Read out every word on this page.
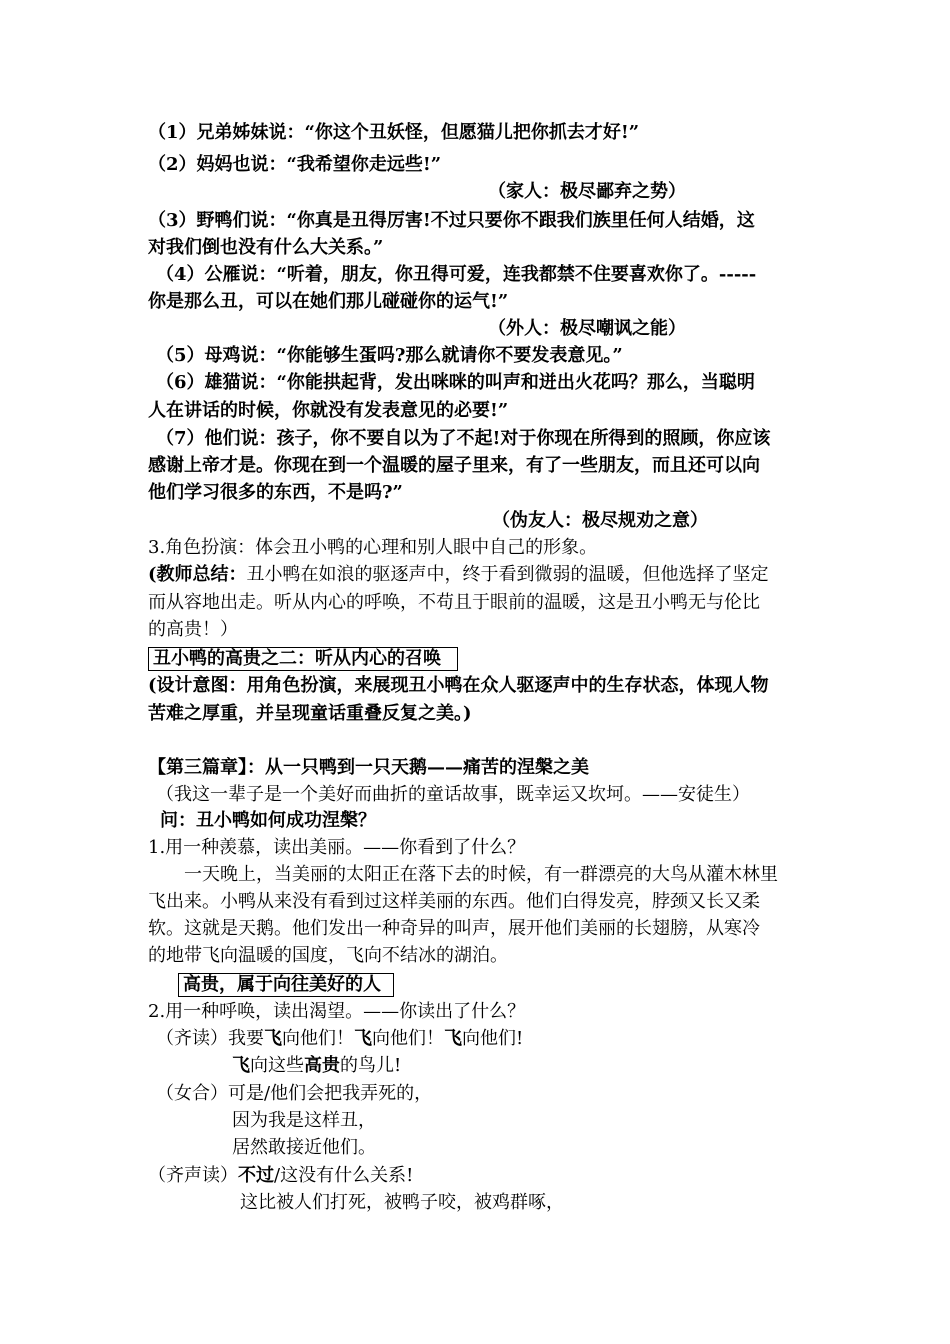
（1）兄弟姊妹说：“你这个丑妖怪，但愿猫儿把你抓去才好!”
（2）妈妈也说：“我希望你走远些!”
（家人：极尽鄙弃之势）
（3）野鸭们说：“你真是丑得厉害!不过只要你不跟我们族里任何人结婚，这
对我们倒也没有什么大关系。”
（4）公雁说：“听着，朋友，你丑得可爱，连我都禁不住要喜欢你了。-----
你是那么丑，可以在她们那儿碰碰你的运气!”
（外人：极尽嘲讽之能）
（5）母鸡说：“你能够生蛋吗?那么就请你不要发表意见。”
（6）雄猫说：“你能拱起背，发出咪咪的叫声和迸出火花吗？那么，当聪明
人在讲话的时候，你就没有发表意见的必要!”
（7）他们说：孩子，你不要自以为了不起!对于你现在所得到的照顾，你应该
感谢上帝才是。你现在到一个温暖的屋子里来，有了一些朋友，而且还可以向
他们学习很多的东西，不是吗?”
（伪友人：极尽规劝之意）
3.角色扮演：体会丑小鸭的心理和别人眼中自己的形象。
(教师总结：丑小鸭在如浪的驱逐声中，终于看到微弱的温暖，但他选择了坚定
而从容地出走。听从内心的呼唤，不苟且于眼前的温暖，这是丑小鸭无与伦比
的高贵！）
丑小鸭的高贵之二：听从内心的召唤
(设计意图：用角色扮演，来展现丑小鸭在众人驱逐声中的生存状态，体现人物
苦难之厚重，并呈现童话重叠反复之美。)
【第三篇章】：从一只鸭到一只天鹅——痛苦的涅槃之美
（我这一辈子是一个美好而曲折的童话故事，既幸运又坎坷。——安徒生）
问：丑小鸭如何成功涅槃？
1.用一种羡慕，读出美丽。——你看到了什么？
一天晚上，当美丽的太阳正在落下去的时候，有一群漂亮的大鸟从灌木林里
飞出来。小鸭从来没有看到过这样美丽的东西。他们白得发亮，脖颈又长又柔
软。这就是天鹅。他们发出一种奇异的叫声，展开他们美丽的长翅膀，从寒冷
的地带飞向温暖的国度，飞向不结冰的湖泊。
高贵，属于向往美好的人
2.用一种呼唤，读出渴望。——你读出了什么？
（齐读）我要飞向他们！飞向他们！飞向他们!
飞向这些高贵的鸟儿!
（女合）可是/他们会把我弄死的，
因为我是这样丑，
居然敢接近他们。
（齐声读）不过/这没有什么关系!
这比被人们打死，被鸭子咬，被鸡群啄，
